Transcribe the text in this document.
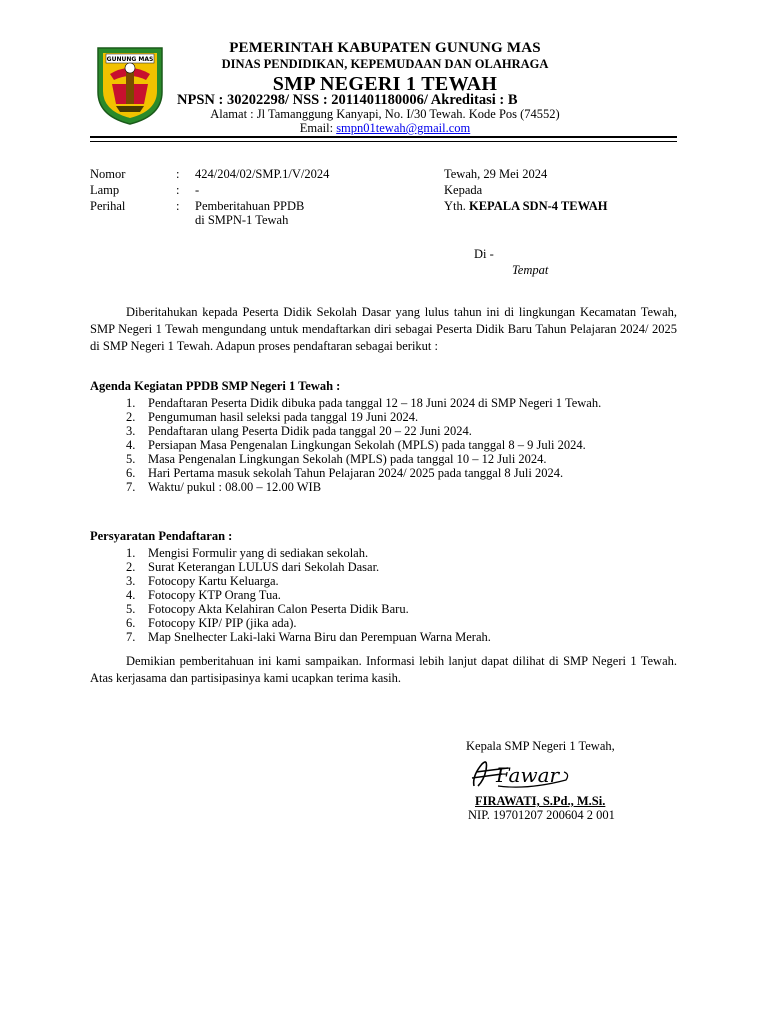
GUNUNG MAS
PEMERINTAH KABUPATEN GUNUNG MAS
DINAS PENDIDIKAN, KEPEMUDAAN DAN OLAHRAGA
SMP NEGERI 1 TEWAH
NPSN : 30202298/ NSS : 2011401180006/ Akreditasi : B
Alamat : Jl Tamanggung Kanyapi, No. I/30 Tewah. Kode Pos (74552)
Email: smpn01tewah@gmail.com
Nomor	: 424/204/02/SMP.1/V/2024
Lamp	: -
Perihal	: Pemberitahuan PPDB
di SMPN-1 Tewah
Tewah, 29 Mei 2024
Kepada
Yth. KEPALA SDN-4 TEWAH
Di -
Tempat
Diberitahukan kepada Peserta Didik Sekolah Dasar yang lulus tahun ini di lingkungan Kecamatan Tewah, SMP Negeri 1 Tewah mengundang untuk mendaftarkan diri sebagai Peserta Didik Baru Tahun Pelajaran 2024/ 2025 di SMP Negeri 1 Tewah. Adapun proses pendaftaran sebagai berikut :
Agenda Kegiatan PPDB SMP Negeri 1 Tewah :
1. Pendaftaran Peserta Didik dibuka pada tanggal 12 – 18 Juni 2024 di SMP Negeri 1 Tewah.
2. Pengumuman hasil seleksi pada tanggal 19 Juni 2024.
3. Pendaftaran ulang Peserta Didik pada tanggal 20 – 22 Juni 2024.
4. Persiapan Masa Pengenalan Lingkungan Sekolah (MPLS) pada tanggal 8 – 9 Juli 2024.
5. Masa Pengenalan Lingkungan Sekolah (MPLS) pada tanggal 10 – 12 Juli 2024.
6. Hari Pertama masuk sekolah Tahun Pelajaran 2024/ 2025 pada tanggal 8 Juli 2024.
7. Waktu/ pukul : 08.00 – 12.00 WIB
Persyaratan Pendaftaran :
1. Mengisi Formulir yang di sediakan sekolah.
2. Surat Keterangan LULUS dari Sekolah Dasar.
3. Fotocopy Kartu Keluarga.
4. Fotocopy KTP Orang Tua.
5. Fotocopy Akta Kelahiran Calon Peserta Didik Baru.
6. Fotocopy KIP/ PIP (jika ada).
7. Map Snelhecter Laki-laki Warna Biru dan Perempuan Warna Merah.
Demikian pemberitahuan ini kami sampaikan. Informasi lebih lanjut dapat dilihat di SMP Negeri 1 Tewah. Atas kerjasama dan partisipasinya kami ucapkan terima kasih.
Kepala SMP Negeri 1 Tewah,
Fawar
FIRAWATI, S.Pd., M.Si.
NIP. 19701207 200604 2 001
